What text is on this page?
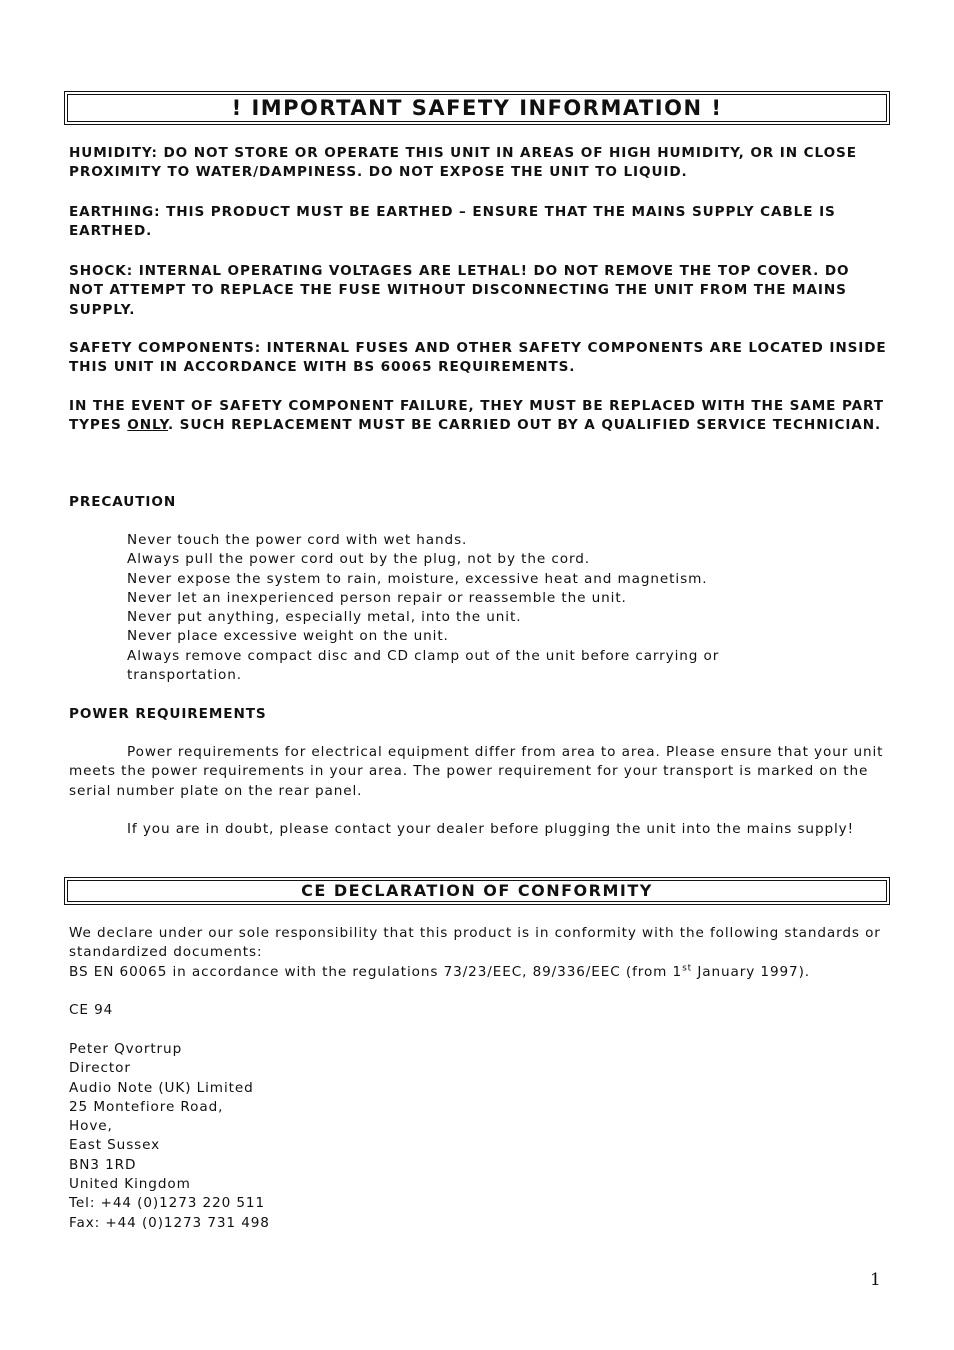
! IMPORTANT SAFETY INFORMATION !

HUMIDITY: DO NOT STORE OR OPERATE THIS UNIT IN AREAS OF HIGH HUMIDITY, OR IN CLOSE PROXIMITY TO WATER/DAMPINESS. DO NOT EXPOSE THE UNIT TO LIQUID.

EARTHING: THIS PRODUCT MUST BE EARTHED – ENSURE THAT THE MAINS SUPPLY CABLE IS EARTHED.

SHOCK: INTERNAL OPERATING VOLTAGES ARE LETHAL! DO NOT REMOVE THE TOP COVER. DO NOT ATTEMPT TO REPLACE THE FUSE WITHOUT DISCONNECTING THE UNIT FROM THE MAINS SUPPLY.

SAFETY COMPONENTS: INTERNAL FUSES AND OTHER SAFETY COMPONENTS ARE LOCATED INSIDE THIS UNIT IN ACCORDANCE WITH BS 60065 REQUIREMENTS.

IN THE EVENT OF SAFETY COMPONENT FAILURE, THEY MUST BE REPLACED WITH THE SAME PART TYPES ONLY. SUCH REPLACEMENT MUST BE CARRIED OUT BY A QUALIFIED SERVICE TECHNICIAN.

PRECAUTION

Never touch the power cord with wet hands.
Always pull the power cord out by the plug, not by the cord.
Never expose the system to rain, moisture, excessive heat and magnetism.
Never let an inexperienced person repair or reassemble the unit.
Never put anything, especially metal, into the unit.
Never place excessive weight on the unit.
Always remove compact disc and CD clamp out of the unit before carrying or transportation.

POWER REQUIREMENTS

Power requirements for electrical equipment differ from area to area. Please ensure that your unit meets the power requirements in your area. The power requirement for your transport is marked on the serial number plate on the rear panel.

If you are in doubt, please contact your dealer before plugging the unit into the mains supply!

CE DECLARATION OF CONFORMITY

We declare under our sole responsibility that this product is in conformity with the following standards or standardized documents:

BS EN 60065 in accordance with the regulations 73/23/EEC, 89/336/EEC (from 1st January 1997).

CE 94

Peter Qvortrup
Director
Audio Note (UK) Limited
25 Montefiore Road,
Hove,
East Sussex
BN3 1RD
United Kingdom
Tel: +44 (0)1273 220 511
Fax: +44 (0)1273 731 498
1
